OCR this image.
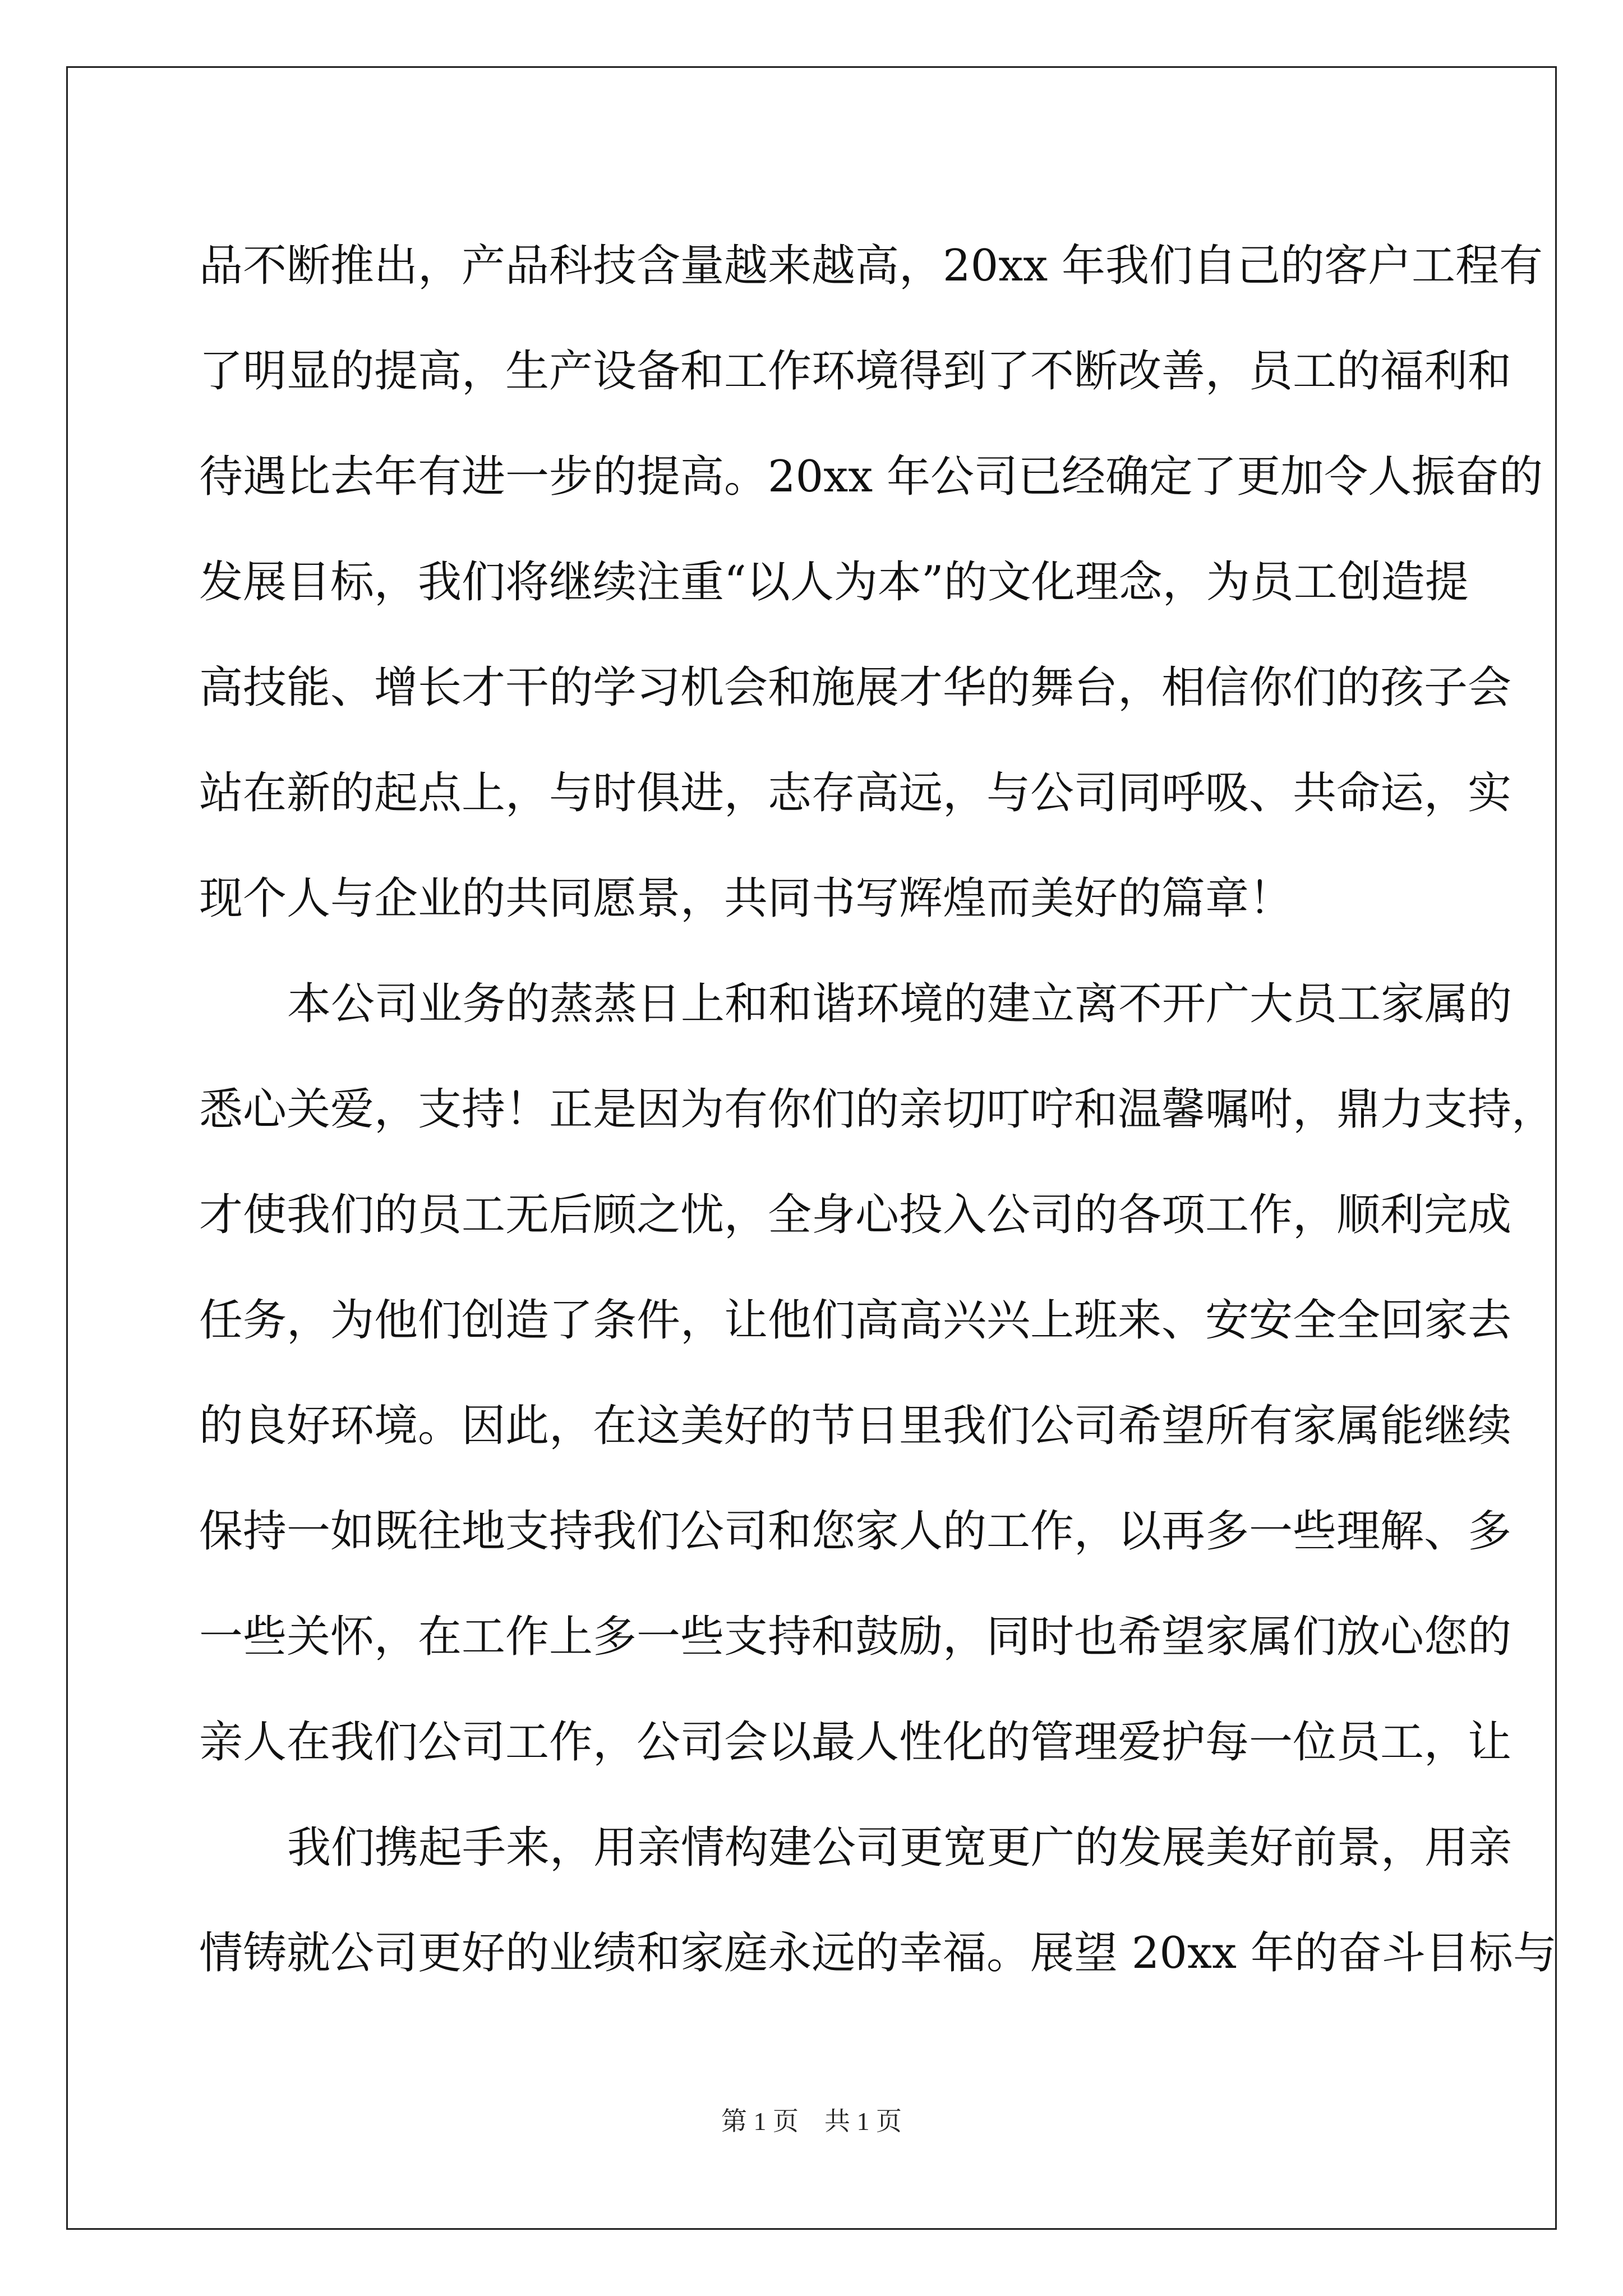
品不断推出，产品科技含量越来越高，20xx 年我们自己的客户工程有
了明显的提高，生产设备和工作环境得到了不断改善，员工的福利和
待遇比去年有进一步的提高。20xx 年公司已经确定了更加令人振奋的
发展目标，我们将继续注重“以人为本”的文化理念，为员工创造提
高技能、增长才干的学习机会和施展才华的舞台，相信你们的孩子会
站在新的起点上，与时俱进，志存高远，与公司同呼吸、共命运，实
现个人与企业的共同愿景，共同书写辉煌而美好的篇章！
本公司业务的蒸蒸日上和和谐环境的建立离不开广大员工家属的
悉心关爱，支持！正是因为有你们的亲切叮咛和温馨嘱咐，鼎力支持，
才使我们的员工无后顾之忧，全身心投入公司的各项工作，顺利完成
任务，为他们创造了条件，让他们高高兴兴上班来、安安全全回家去
的良好环境。因此，在这美好的节日里我们公司希望所有家属能继续
保持一如既往地支持我们公司和您家人的工作，以再多一些理解、多
一些关怀，在工作上多一些支持和鼓励，同时也希望家属们放心您的
亲人在我们公司工作，公司会以最人性化的管理爱护每一位员工，让
我们携起手来，用亲情构建公司更宽更广的发展美好前景，用亲
情铸就公司更好的业绩和家庭永远的幸福。展望 20xx 年的奋斗目标与
第 1 页　共 1 页
